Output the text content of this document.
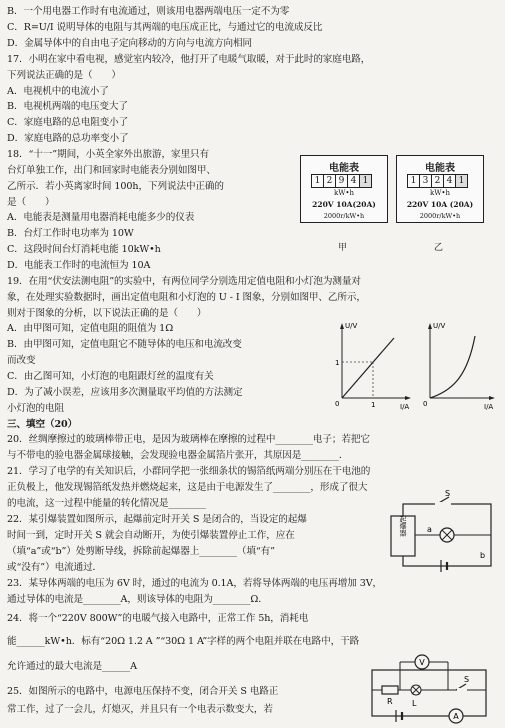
B．一个用电器工作时有电流通过，则该用电器两端电压一定不为零
C．R=U/I 说明导体的电阻与其两端的电压成正比，与通过它的电流成反比
D．金属导体中的自由电子定向移动的方向与电流方向相同
17．小明在家中看电视，感觉室内较冷，他打开了电暖气取暖，对于此时的家庭电路，
下列说法正确的是（　　）
A．电视机中的电流小了
B．电视机两端的电压变大了
C．家庭电路的总电阻变小了
D．家庭电路的总功率变小了
18．“十一”期间，小英全家外出旅游，家里只有
台灯单独工作，出门和回家时电能表分别如图甲、
乙所示．若小英离家时间 100h，下列说法中正确的
是（　　）
A．电能表是测量用电器消耗电能多少的仪表
B．台灯工作时电功率为 10W
C．这段时间台灯消耗电能 10kW•h
D．电能表工作时的电流恒为 10A
19．在用“伏安法测电阻”的实验中，有两位同学分别选用定值电阻和小灯泡为测量对
象，在处理实验数据时，画出定值电阻和小灯泡的 U - I 图象，分别如图甲、乙所示，
则对于图象的分析，以下说法正确的是（　　）
A．由甲图可知，定值电阻的阻值为 1Ω
B．由甲图可知，定值电阻它不随导体的电压和电流改变
而改变
C．由乙图可知，小灯泡的电阻跟灯丝的温度有关
D．为了减小误差，应该用多次测量取平均值的方法测定
小灯泡的电阻
三、填空（20）
20．丝绸摩擦过的玻璃棒带正电，是因为玻璃棒在摩擦的过程中________电子；若把它
与不带电的验电器金属球接触，会发现验电器金属箔片张开，其原因是________．
21．学习了电学的有关知识后，小群同学把一张细条状的锡箔纸两端分别压在干电池的
正负极上，他发现锡箔纸发热并燃烧起来，这是由于电源发生了________，形成了很大
的电流，这一过程中能量的转化情况是________
22．某引爆装置如图所示，起爆前定时开关 S 是闭合的，当设定的起爆
时间一到，定时开关 S 就会自动断开，为使引爆装置停止工作，应在
（填“a”或“b”）处剪断导线，拆除前起爆器上________（填“有”
或“没有”）电流通过．
23．某导体两端的电压为 6V 时，通过的电流为 0.1A，若将导体两端的电压再增加 3V，
通过导体的电流是________A，则该导体的电阻为________Ω．
24．将一个“220V 800W”的电暖气接入电路中，正常工作 5h，消耗电
能______kW•h．标有“20Ω 1.2 A ”“30Ω 1 A”字样的两个电阻并联在电路中，干路
允许通过的最大电流是______A
25．如图所示的电路中，电源电压保持不变，闭合开关 S 电路正
常工作，过了一会儿，灯熄灭，并且只有一个电表示数变大，若
电能表
1 2 9 4 1
kW•h
220V 10A(20A)
2000r/kW•h
甲
电能表
1 3 2 4 1
kW•h
220V 10A (20A)
2000r/kW•h
乙
U/V
I/A
0	1
1
U/V
I/A
0
起爆器
S
a
b
V
R L
S
A
